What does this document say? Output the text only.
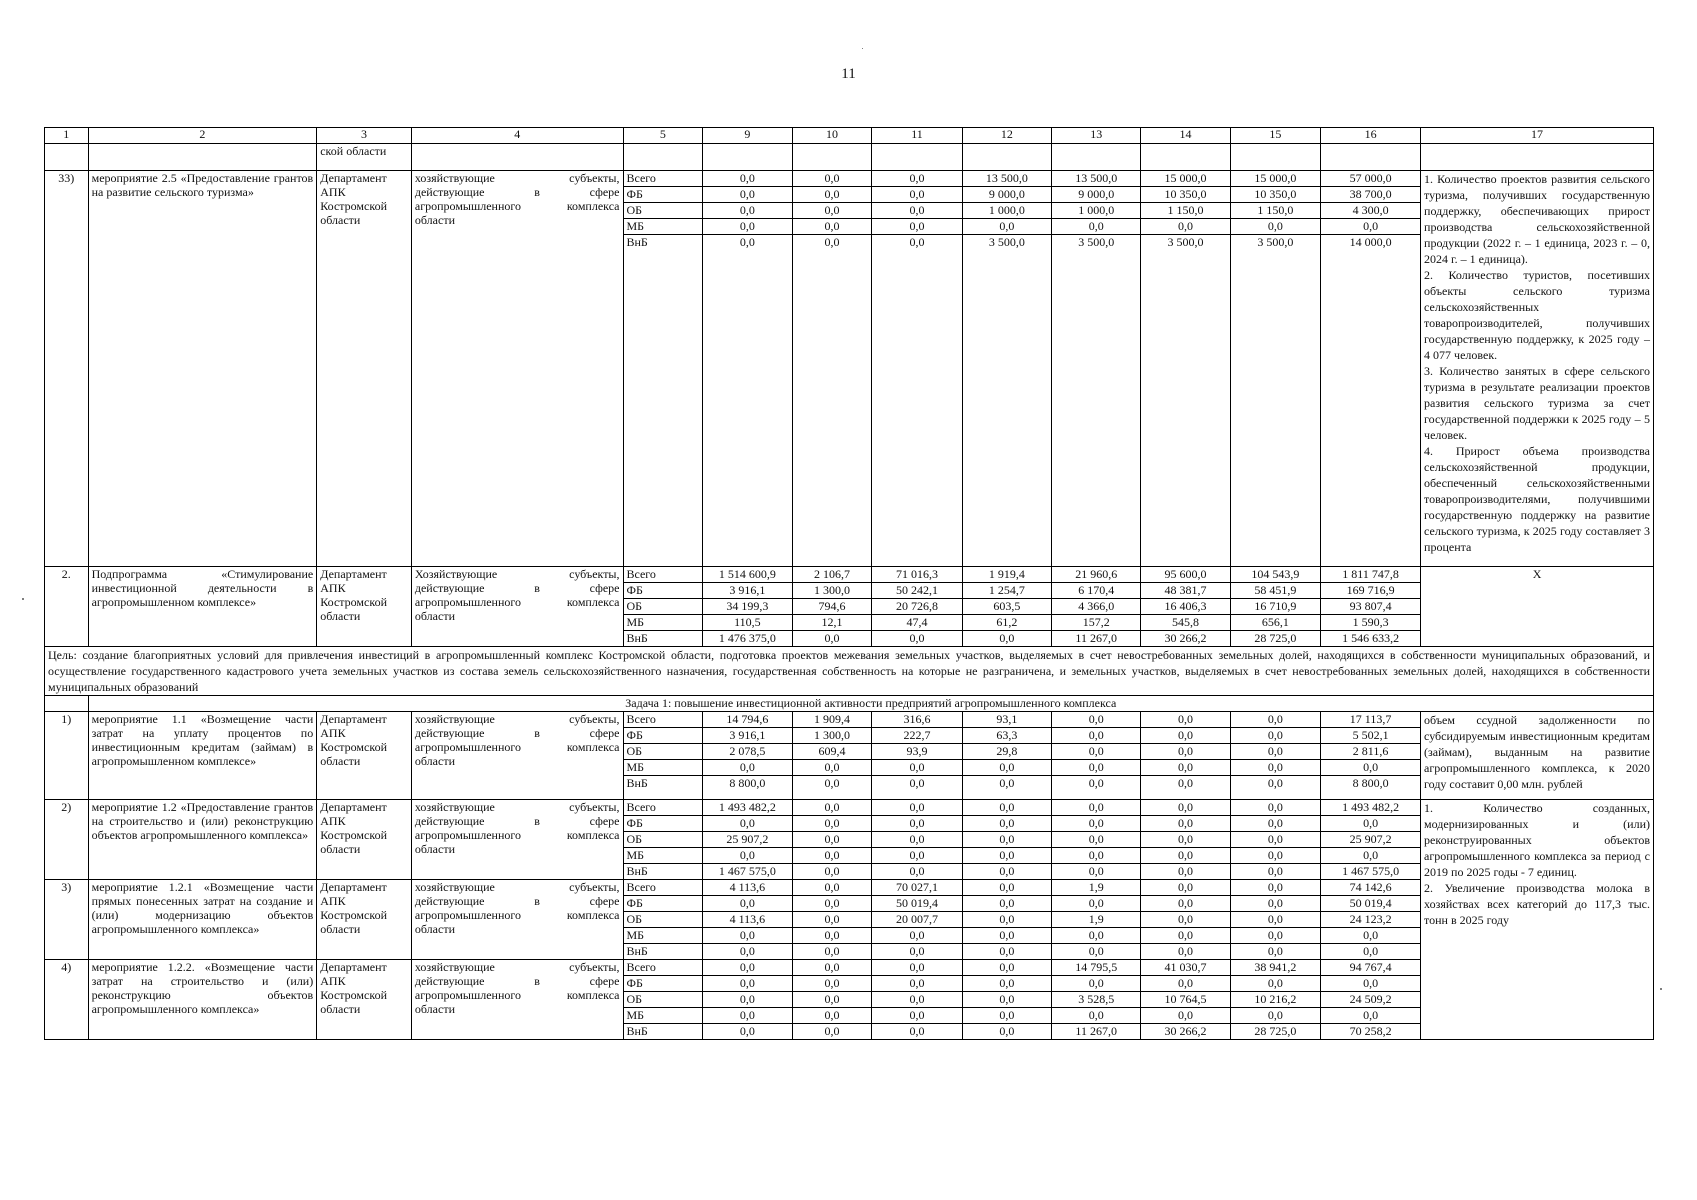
11
1	2	3	4	5	9	10	11	12	13	14	15	16	17
		ской области											
33)	мероприятие 2.5 «Предоставление грантов на развитие сельского туризма»	Департамент АПК Костромской области	хозяйствующие субъекты, действующие в сфере агропромышленного комплекса области	Всего	0,0	0,0	0,0	13 500,0	13 500,0	15 000,0	15 000,0	57 000,0	1. Количество проектов развития сельского туризма, получивших государственную поддержку, обеспечивающих прирост производства сельскохозяйственной продукции (2022 г. – 1 единица, 2023 г. – 0, 2024 г. – 1 единица).
2. Количество туристов, посетивших объекты сельского туризма сельскохозяйственных товаропроизводителей, получивших государственную поддержку, к 2025 году – 4 077 человек.
3. Количество занятых в сфере сельского туризма в результате реализации проектов развития сельского туризма за счет государственной поддержки к 2025 году – 5 человек.
4. Прирост объема производства сельскохозяйственной продукции, обеспеченный сельскохозяйственными товаропроизводителями, получившими государственную поддержку на развитие сельского туризма, к 2025 году составляет 3 процента
				ФБ	0,0	0,0	0,0	9 000,0	9 000,0	10 350,0	10 350,0	38 700,0	
				ОБ	0,0	0,0	0,0	1 000,0	1 000,0	1 150,0	1 150,0	4 300,0	
				МБ	0,0	0,0	0,0	0,0	0,0	0,0	0,0	0,0	
				ВнБ	0,0	0,0	0,0	3 500,0	3 500,0	3 500,0	3 500,0	14 000,0	
2.	Подпрограмма «Стимулирование инвестиционной деятельности в агропромышленном комплексе»	Департамент АПК Костромской области	Хозяйствующие субъекты, действующие в сфере агропромышленного комплекса области	Всего	1 514 600,9	2 106,7	71 016,3	1 919,4	21 960,6	95 600,0	104 543,9	1 811 747,8	Х
				ФБ	3 916,1	1 300,0	50 242,1	1 254,7	6 170,4	48 381,7	58 451,9	169 716,9	
				ОБ	34 199,3	794,6	20 726,8	603,5	4 366,0	16 406,3	16 710,9	93 807,4	
				МБ	110,5	12,1	47,4	61,2	157,2	545,8	656,1	1 590,3	
				ВнБ	1 476 375,0	0,0	0,0	0,0	11 267,0	30 266,2	28 725,0	1 546 633,2	
Цель: создание благоприятных условий для привлечения инвестиций в агропромышленный комплекс Костромской области, подготовка проектов межевания земельных участков, выделяемых в счет невостребованных земельных долей, находящихся в собственности муниципальных образований, и осуществление государственного кадастрового учета земельных участков из состава земель сельскохозяйственного назначения, государственная собственность на которые не разграничена, и земельных участков, выделяемых в счет невостребованных земельных долей, находящихся в собственности муниципальных образований													
	Задача 1: повышение инвестиционной активности предприятий агропромышленного комплекса												
1)	мероприятие 1.1 «Возмещение части затрат на уплату процентов по инвестиционным кредитам (займам) в агропромышленном комплексе»	Департамент АПК Костромской области	хозяйствующие субъекты, действующие в сфере агропромышленного комплекса области	Всего	14 794,6	1 909,4	316,6	93,1	0,0	0,0	0,0	17 113,7	объем ссудной задолженности по субсидируемым инвестиционным кредитам (займам), выданным на развитие агропромышленного комплекса, к 2020 году составит 0,00 млн. рублей
				ФБ	3 916,1	1 300,0	222,7	63,3	0,0	0,0	0,0	5 502,1	
				ОБ	2 078,5	609,4	93,9	29,8	0,0	0,0	0,0	2 811,6	
				МБ	0,0	0,0	0,0	0,0	0,0	0,0	0,0	0,0	
				ВнБ	8 800,0	0,0	0,0	0,0	0,0	0,0	0,0	8 800,0	
2)	мероприятие 1.2 «Предоставление грантов на строительство и (или) реконструкцию объектов агропромышленного комплекса»	Департамент АПК Костромской области	хозяйствующие субъекты, действующие в сфере агропромышленного комплекса области	Всего	1 493 482,2	0,0	0,0	0,0	0,0	0,0	0,0	1 493 482,2	1. Количество созданных, модернизированных и (или) реконструированных объектов агропромышленного комплекса за период с 2019 по 2025 годы - 7 единиц.
2. Увеличение производства молока в хозяйствах всех категорий до 117,3 тыс. тонн в 2025 году
				ФБ	0,0	0,0	0,0	0,0	0,0	0,0	0,0	0,0	
				ОБ	25 907,2	0,0	0,0	0,0	0,0	0,0	0,0	25 907,2	
				МБ	0,0	0,0	0,0	0,0	0,0	0,0	0,0	0,0	
				ВнБ	1 467 575,0	0,0	0,0	0,0	0,0	0,0	0,0	1 467 575,0	
3)	мероприятие 1.2.1 «Возмещение части прямых понесенных затрат на создание и (или) модернизацию объектов агропромышленного комплекса»	Департамент АПК Костромской области	хозяйствующие субъекты, действующие в сфере агропромышленного комплекса области	Всего	4 113,6	0,0	70 027,1	0,0	1,9	0,0	0,0	74 142,6	
				ФБ	0,0	0,0	50 019,4	0,0	0,0	0,0	0,0	50 019,4	
				ОБ	4 113,6	0,0	20 007,7	0,0	1,9	0,0	0,0	24 123,2	
				МБ	0,0	0,0	0,0	0,0	0,0	0,0	0,0	0,0	
				ВнБ	0,0	0,0	0,0	0,0	0,0	0,0	0,0	0,0	
4)	мероприятие 1.2.2. «Возмещение части затрат на строительство и (или) реконструкцию объектов агропромышленного комплекса»	Департамент АПК Костромской области	хозяйствующие субъекты, действующие в сфере агропромышленного комплекса области	Всего	0,0	0,0	0,0	0,0	14 795,5	41 030,7	38 941,2	94 767,4	
				ФБ	0,0	0,0	0,0	0,0	0,0	0,0	0,0	0,0	
				ОБ	0,0	0,0	0,0	0,0	3 528,5	10 764,5	10 216,2	24 509,2	
				МБ	0,0	0,0	0,0	0,0	0,0	0,0	0,0	0,0	
				ВнБ	0,0	0,0	0,0	0,0	11 267,0	30 266,2	28 725,0	70 258,2	
